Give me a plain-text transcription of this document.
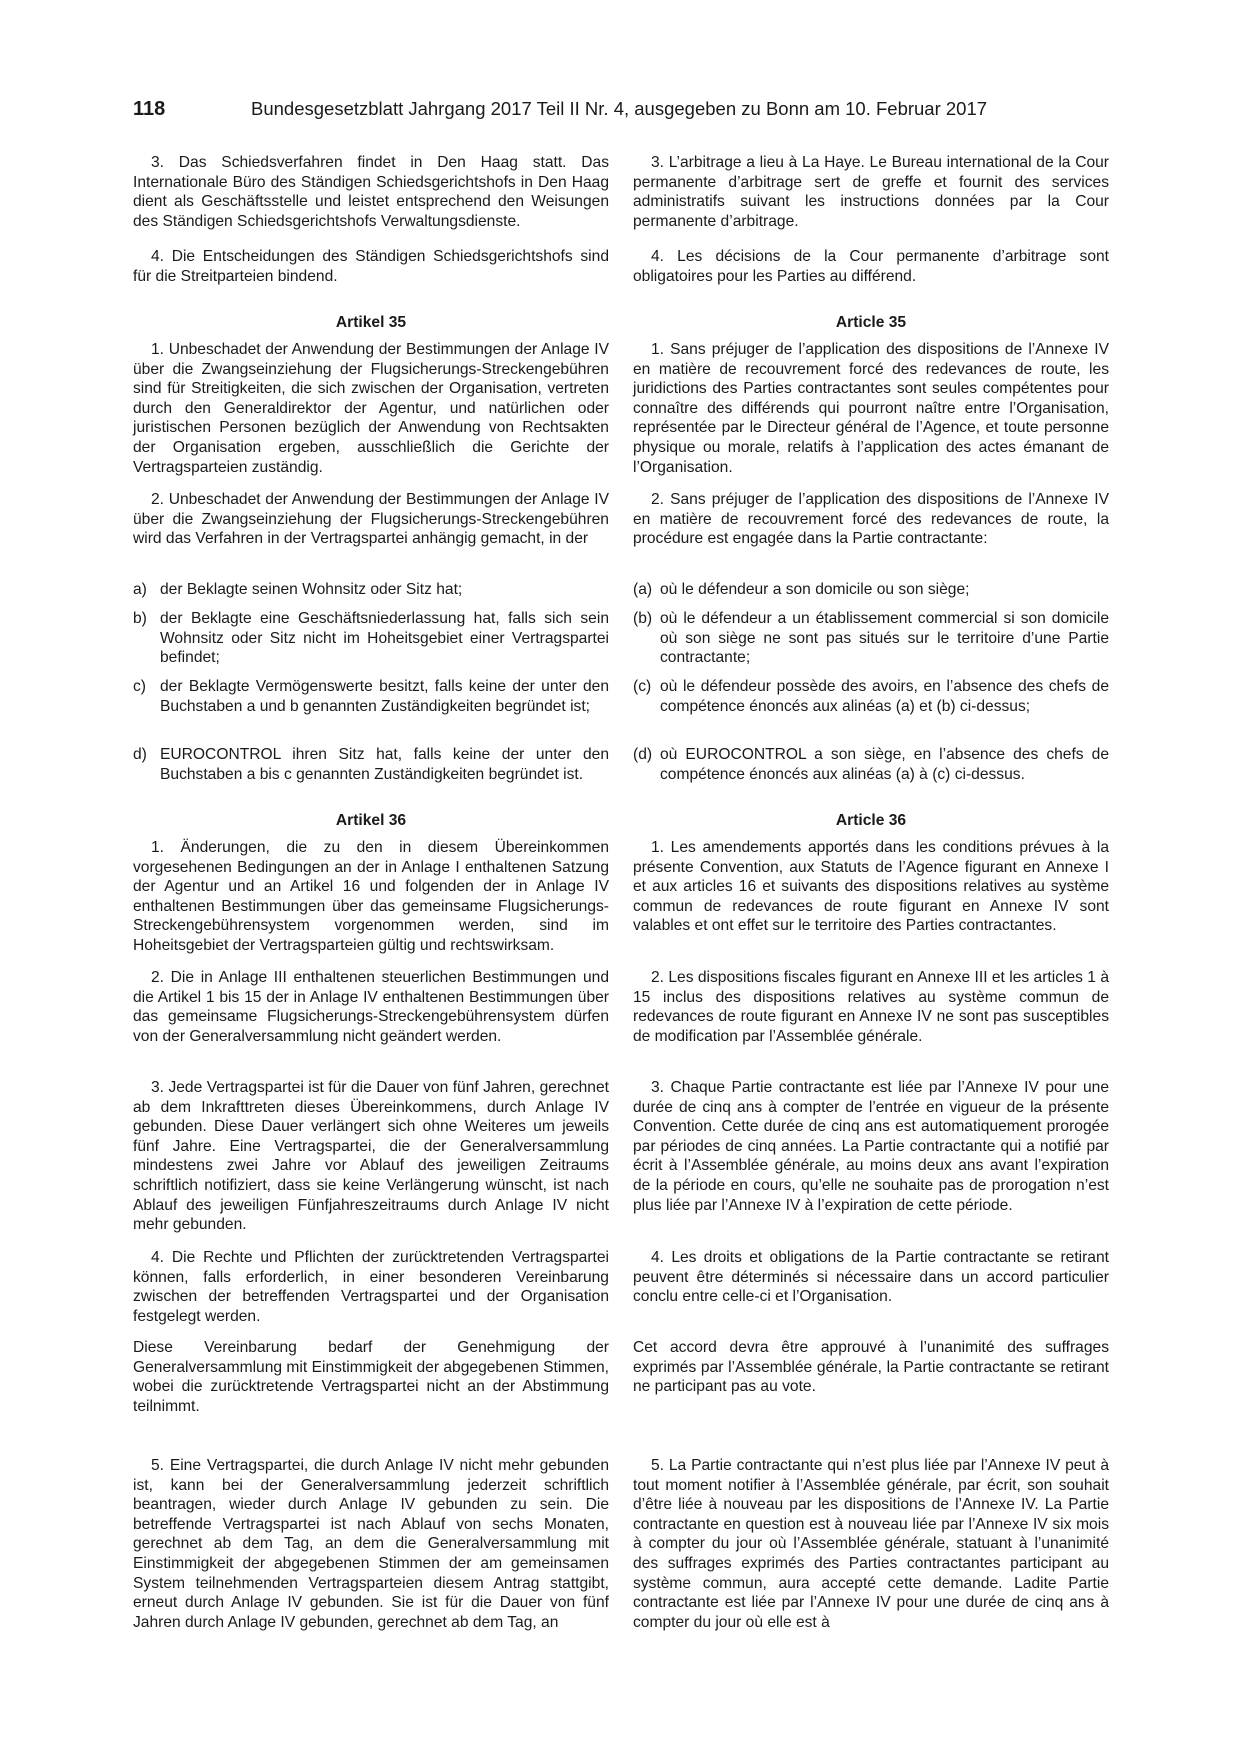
118	Bundesgesetzblatt Jahrgang 2017 Teil II Nr. 4, ausgegeben zu Bonn am 10. Februar 2017

3. Das Schiedsverfahren findet in Den Haag statt. Das Internationale Büro des Ständigen Schiedsgerichtshofs in Den Haag dient als Geschäftsstelle und leistet entsprechend den Weisungen des Ständigen Schiedsgerichtshofs Verwaltungsdienste.

4. Die Entscheidungen des Ständigen Schiedsgerichtshofs sind für die Streitparteien bindend.

Artikel 35

1. Unbeschadet der Anwendung der Bestimmungen der Anlage IV über die Zwangseinziehung der Flugsicherungs-Streckengebühren sind für Streitigkeiten, die sich zwischen der Organisation, vertreten durch den Generaldirektor der Agentur, und natürlichen oder juristischen Personen bezüglich der Anwendung von Rechtsakten der Organisation ergeben, ausschließlich die Gerichte der Vertragsparteien zuständig.

2. Unbeschadet der Anwendung der Bestimmungen der Anlage IV über die Zwangseinziehung der Flugsicherungs-Streckengebühren wird das Verfahren in der Vertragspartei anhängig gemacht, in der

a) der Beklagte seinen Wohnsitz oder Sitz hat;
b) der Beklagte eine Geschäftsniederlassung hat, falls sich sein Wohnsitz oder Sitz nicht im Hoheitsgebiet einer Vertragspartei befindet;
c) der Beklagte Vermögenswerte besitzt, falls keine der unter den Buchstaben a und b genannten Zuständigkeiten begründet ist;
d) EUROCONTROL ihren Sitz hat, falls keine der unter den Buchstaben a bis c genannten Zuständigkeiten begründet ist.
Artikel 36

1. Änderungen, die zu den in diesem Übereinkommen vorgesehenen Bedingungen an der in Anlage I enthaltenen Satzung der Agentur und an Artikel 16 und folgenden der in Anlage IV enthaltenen Bestimmungen über das gemeinsame Flugsicherungs-Streckengebührensystem vorgenommen werden, sind im Hoheitsgebiet der Vertragsparteien gültig und rechtswirksam.

2. Die in Anlage III enthaltenen steuerlichen Bestimmungen und die Artikel 1 bis 15 der in Anlage IV enthaltenen Bestimmungen über das gemeinsame Flugsicherungs-Streckengebührensystem dürfen von der Generalversammlung nicht geändert werden.

3. Jede Vertragspartei ist für die Dauer von fünf Jahren, gerechnet ab dem Inkrafttreten dieses Übereinkommens, durch Anlage IV gebunden. Diese Dauer verlängert sich ohne Weiteres um jeweils fünf Jahre. Eine Vertragspartei, die der Generalversammlung mindestens zwei Jahre vor Ablauf des jeweiligen Zeitraums schriftlich notifiziert, dass sie keine Verlängerung wünscht, ist nach Ablauf des jeweiligen Fünfjahreszeitraums durch Anlage IV nicht mehr gebunden.

4. Die Rechte und Pflichten der zurücktretenden Vertragspartei können, falls erforderlich, in einer besonderen Vereinbarung zwischen der betreffenden Vertragspartei und der Organisation festgelegt werden.

Diese Vereinbarung bedarf der Genehmigung der Generalversammlung mit Einstimmigkeit der abgegebenen Stimmen, wobei die zurücktretende Vertragspartei nicht an der Abstimmung teilnimmt.

5. Eine Vertragspartei, die durch Anlage IV nicht mehr gebunden ist, kann bei der Generalversammlung jederzeit schriftlich beantragen, wieder durch Anlage IV gebunden zu sein. Die betreffende Vertragspartei ist nach Ablauf von sechs Monaten, gerechnet ab dem Tag, an dem die Generalversammlung mit Einstimmigkeit der abgegebenen Stimmen der am gemeinsamen System teilnehmenden Vertragsparteien diesem Antrag stattgibt, erneut durch Anlage IV gebunden. Sie ist für die Dauer von fünf Jahren durch Anlage IV gebunden, gerechnet ab dem Tag, an

3. L’arbitrage a lieu à La Haye. Le Bureau international de la Cour permanente d’arbitrage sert de greffe et fournit des services administratifs suivant les instructions données par la Cour permanente d’arbitrage.

4. Les décisions de la Cour permanente d’arbitrage sont obligatoires pour les Parties au différend.

Article 35

1. Sans préjuger de l’application des dispositions de l’Annexe IV en matière de recouvrement forcé des redevances de route, les juridictions des Parties contractantes sont seules compétentes pour connaître des différends qui pourront naître entre l’Organisation, représentée par le Directeur général de l’Agence, et toute personne physique ou morale, relatifs à l’application des actes émanant de l’Organisation.

2. Sans préjuger de l’application des dispositions de l’Annexe IV en matière de recouvrement forcé des redevances de route, la procédure est engagée dans la Partie contractante:

(a) où le défendeur a son domicile ou son siège;
(b) où le défendeur a un établissement commercial si son domicile où son siège ne sont pas situés sur le territoire d’une Partie contractante;
(c) où le défendeur possède des avoirs, en l’absence des chefs de compétence énoncés aux alinéas (a) et (b) ci-dessus;
(d) où EUROCONTROL a son siège, en l’absence des chefs de compétence énoncés aux alinéas (a) à (c) ci-dessus.
Article 36

1. Les amendements apportés dans les conditions prévues à la présente Convention, aux Statuts de l’Agence figurant en Annexe I et aux articles 16 et suivants des dispositions relatives au système commun de redevances de route figurant en Annexe IV sont valables et ont effet sur le territoire des Parties contractantes.

2. Les dispositions fiscales figurant en Annexe III et les articles 1 à 15 inclus des dispositions relatives au système commun de redevances de route figurant en Annexe IV ne sont pas susceptibles de modification par l’Assemblée générale.

3. Chaque Partie contractante est liée par l’Annexe IV pour une durée de cinq ans à compter de l’entrée en vigueur de la présente Convention. Cette durée de cinq ans est automatiquement prorogée par périodes de cinq années. La Partie contractante qui a notifié par écrit à l’Assemblée générale, au moins deux ans avant l’expiration de la période en cours, qu’elle ne souhaite pas de prorogation n’est plus liée par l’Annexe IV à l’expiration de cette période.

4. Les droits et obligations de la Partie contractante se retirant peuvent être déterminés si nécessaire dans un accord particulier conclu entre celle-ci et l’Organisation.

Cet accord devra être approuvé à l’unanimité des suffrages exprimés par l’Assemblée générale, la Partie contractante se retirant ne participant pas au vote.

5. La Partie contractante qui n’est plus liée par l’Annexe IV peut à tout moment notifier à l’Assemblée générale, par écrit, son souhait d’être liée à nouveau par les dispositions de l’Annexe IV. La Partie contractante en question est à nouveau liée par l’Annexe IV six mois à compter du jour où l’Assemblée générale, statuant à l’unanimité des suffrages exprimés des Parties contractantes participant au système commun, aura accepté cette demande. Ladite Partie contractante est liée par l’Annexe IV pour une durée de cinq ans à compter du jour où elle est à
